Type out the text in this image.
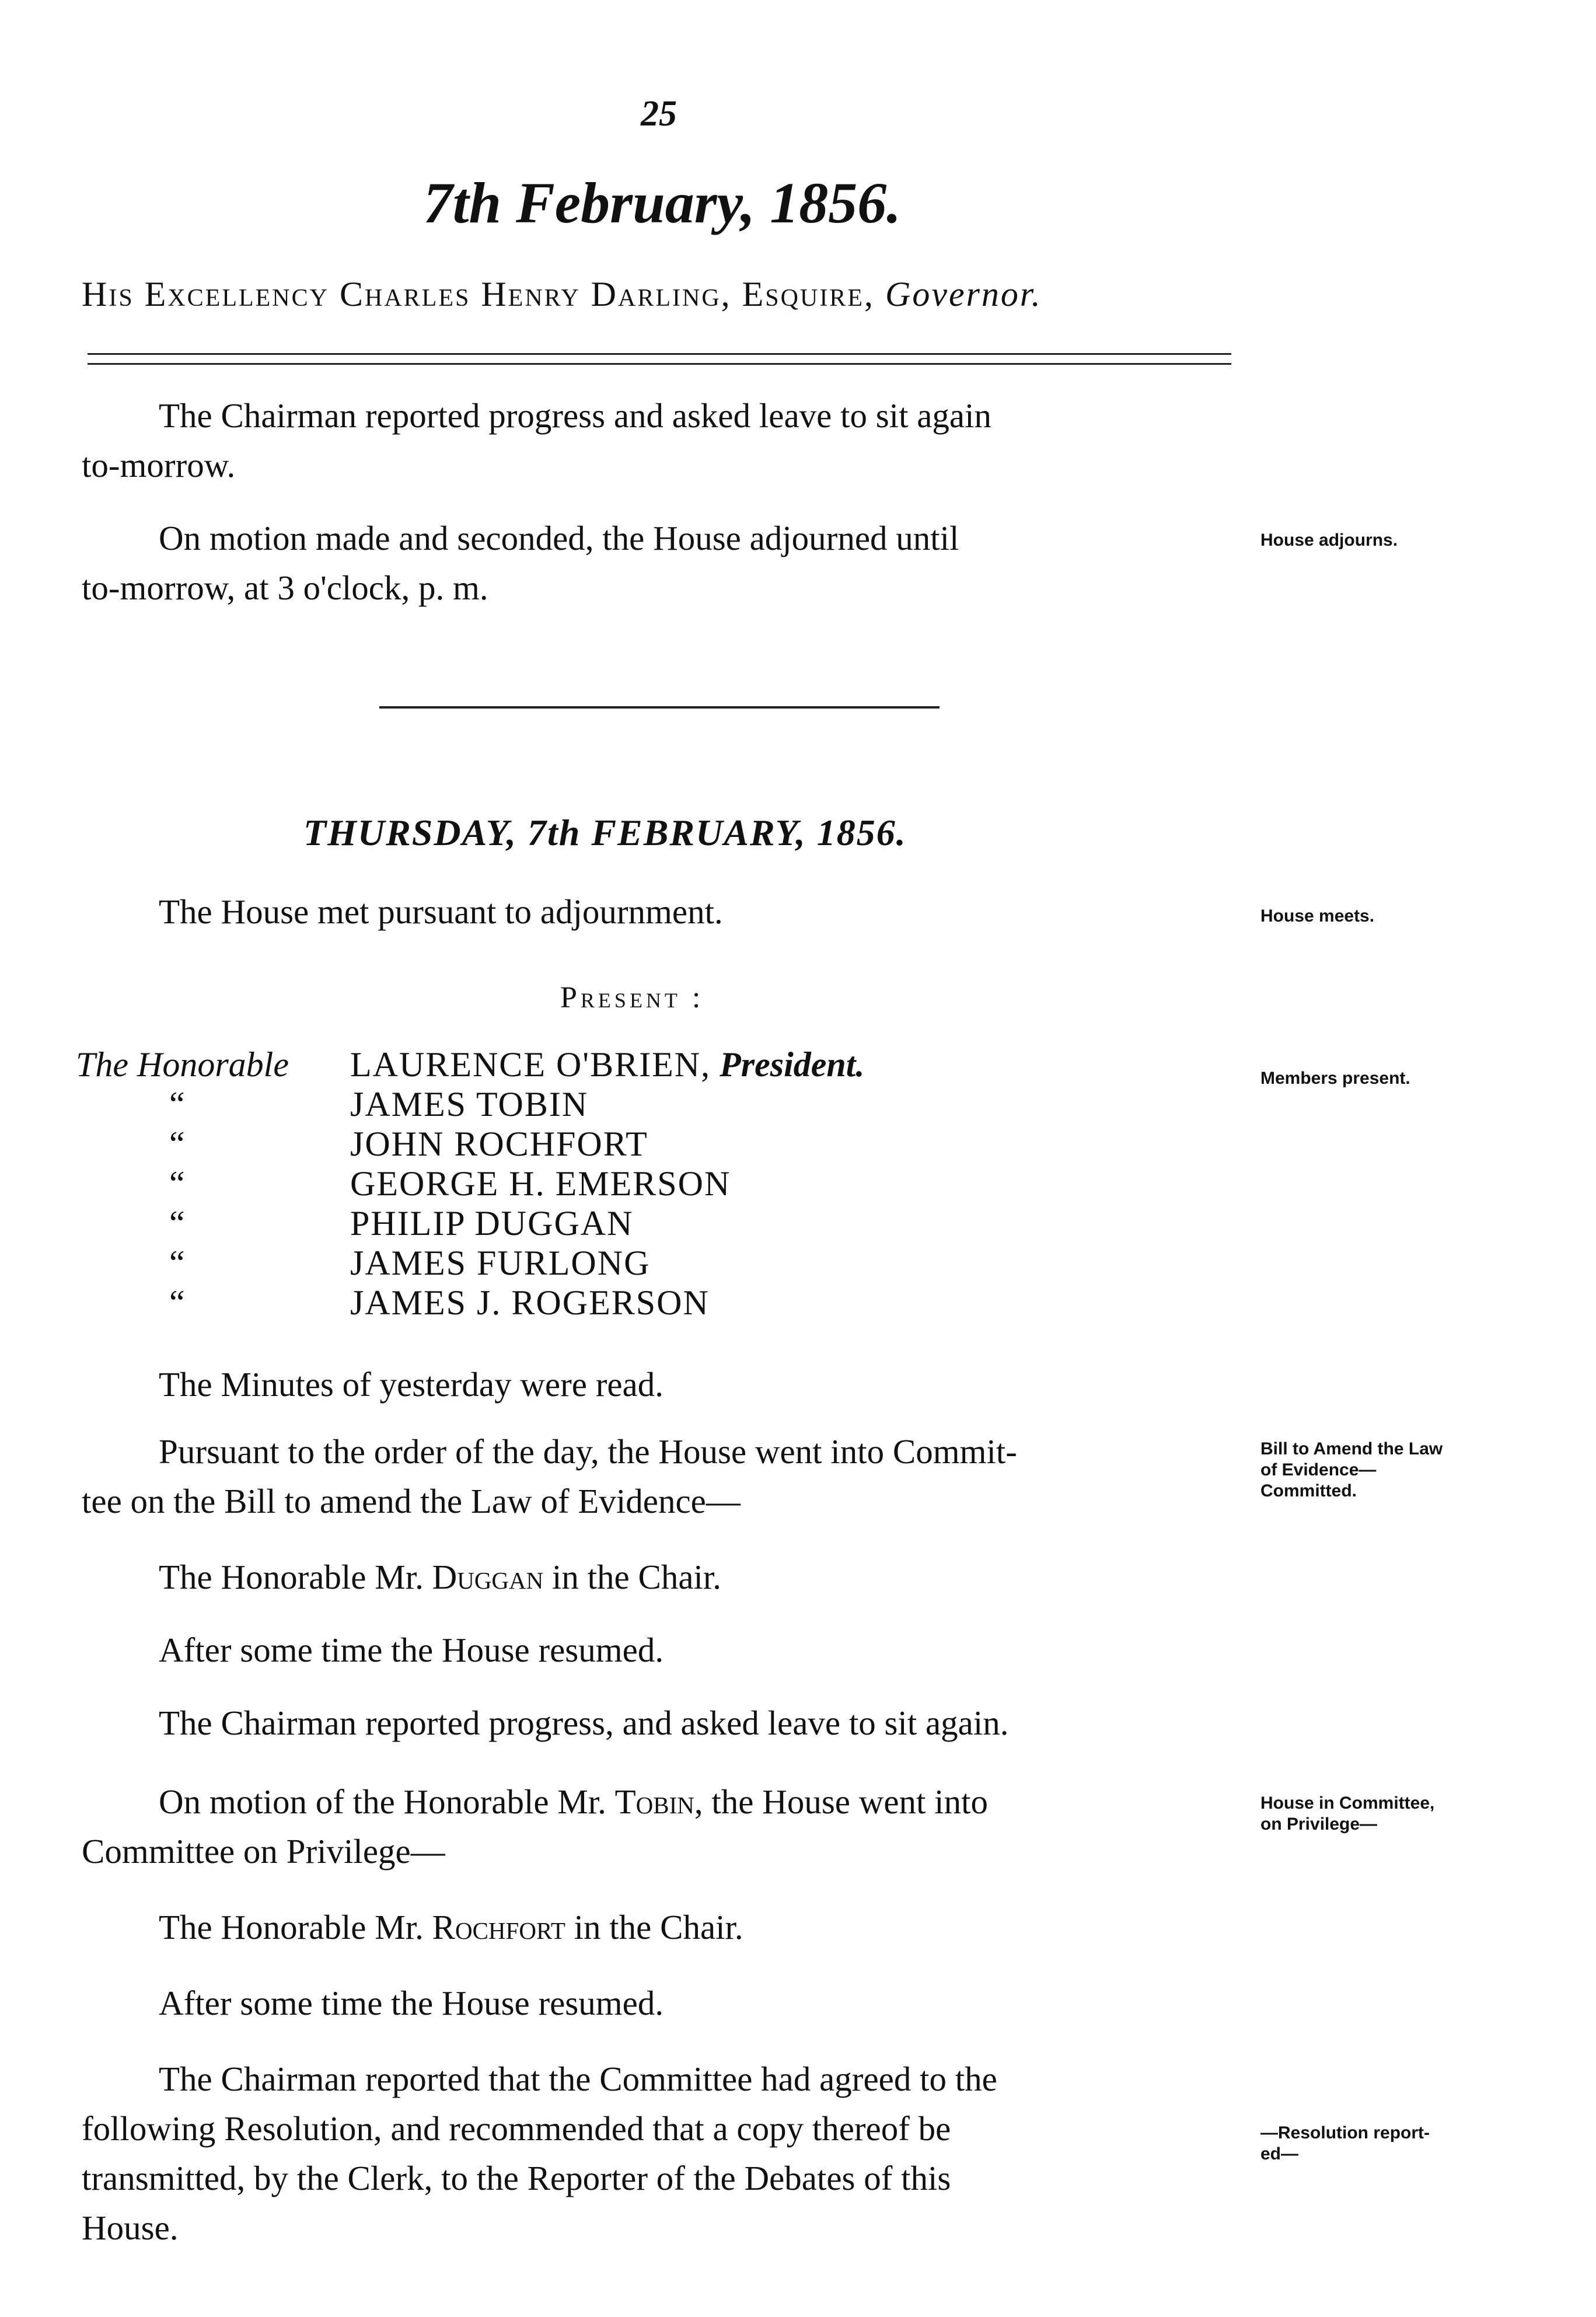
25
7th February, 1856.
His Excellency Charles Henry Darling, Esquire, Governor.
The Chairman reported progress and asked leave to sit again
to-morrow.
On motion made and seconded, the House adjourned until
to-morrow, at 3 o'clock, p. m.
House adjourns.
THURSDAY, 7th FEBRUARY, 1856.
The House met pursuant to adjournment.	House meets.
Present :
The Honorable LAURENCE O'BRIEN, President.
“	JAMES TOBIN
“	JOHN ROCHFORT
“	GEORGE H. EMERSON
“	PHILIP DUGGAN
“	JAMES FURLONG
“	JAMES J. ROGERSON
Members present.
The Minutes of yesterday were read.
Pursuant to the order of the day, the House went into Commit-
tee on the Bill to amend the Law of Evidence—
Bill to Amend the Law
of Evidence—
Committed.
The Honorable Mr. Duggan in the Chair.
After some time the House resumed.
The Chairman reported progress, and asked leave to sit again.
On motion of the Honorable Mr. Tobin, the House went into
Committee on Privilege—
House in Committee,
on Privilege—
The Honorable Mr. Rochfort in the Chair.
After some time the House resumed.
The Chairman reported that the Committee had agreed to the
following Resolution, and recommended that a copy thereof be
transmitted, by the Clerk, to the Reporter of the Debates of this
House.
—Resolution report-
ed—
